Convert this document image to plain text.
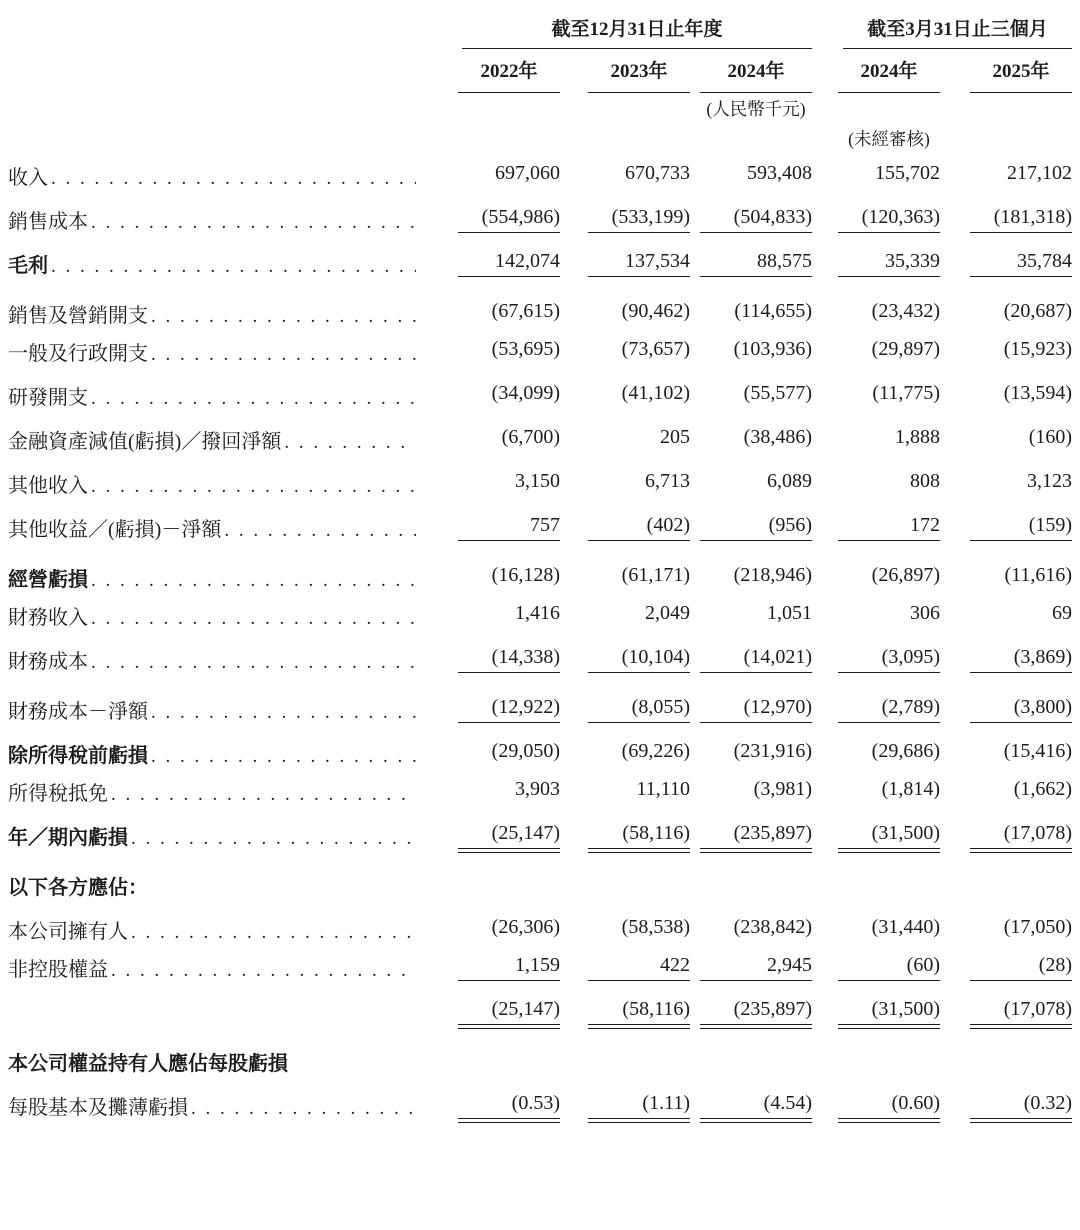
	截至12月31日止年度			截至3月31日止三個月	

	2022年	2023年	2024年	2024年	2025年

			(人民幣千元)		

				(未經審核)	

收入
. . .	697,060	670,733	593,408	155,702	217,102

銷售成本
. . .	(554,986)	(533,199)	(504,833)	(120,363)	(181,318)

毛利
. . .	142,074	137,534	88,575	35,339	35,784

銷售及營銷開支
. . .	(67,615)	(90,462)	(114,655)	(23,432)	(20,687)

一般及行政開支
. . .	(53,695)	(73,657)	(103,936)	(29,897)	(15,923)

研發開支
. . .	(34,099)	(41,102)	(55,577)	(11,775)	(13,594)

金融資產減值(虧損)／撥回淨額
. . .	(6,700)	205	(38,486)	1,888	(160)

其他收入
. . .	3,150	6,713	6,089	808	3,123

其他收益／(虧損)－淨額
. . .	757	(402)	(956)	172	(159)

經營虧損
. . .	(16,128)	(61,171)	(218,946)	(26,897)	(11,616)

財務收入
. . .	1,416	2,049	1,051	306	69

財務成本
. . .	(14,338)	(10,104)	(14,021)	(3,095)	(3,869)

財務成本－淨額
. . .	(12,922)	(8,055)	(12,970)	(2,789)	(3,800)

除所得稅前虧損
. . .	(29,050)	(69,226)	(231,916)	(29,686)	(15,416)

所得稅抵免
. . .	3,903	11,110	(3,981)	(1,814)	(1,662)

年／期內虧損
. . .	(25,147)	(58,116)	(235,897)	(31,500)	(17,078)

以下各方應佔：					

本公司擁有人
. . .	(26,306)	(58,538)	(238,842)	(31,440)	(17,050)

非控股權益
. . .	1,159	422	2,945	(60)	(28)

	(25,147)	(58,116)	(235,897)	(31,500)	(17,078)

本公司權益持有人應佔每股虧損					

每股基本及攤薄虧損
. . .	(0.53)	(1.11)	(4.54)	(0.60)	(0.32)
